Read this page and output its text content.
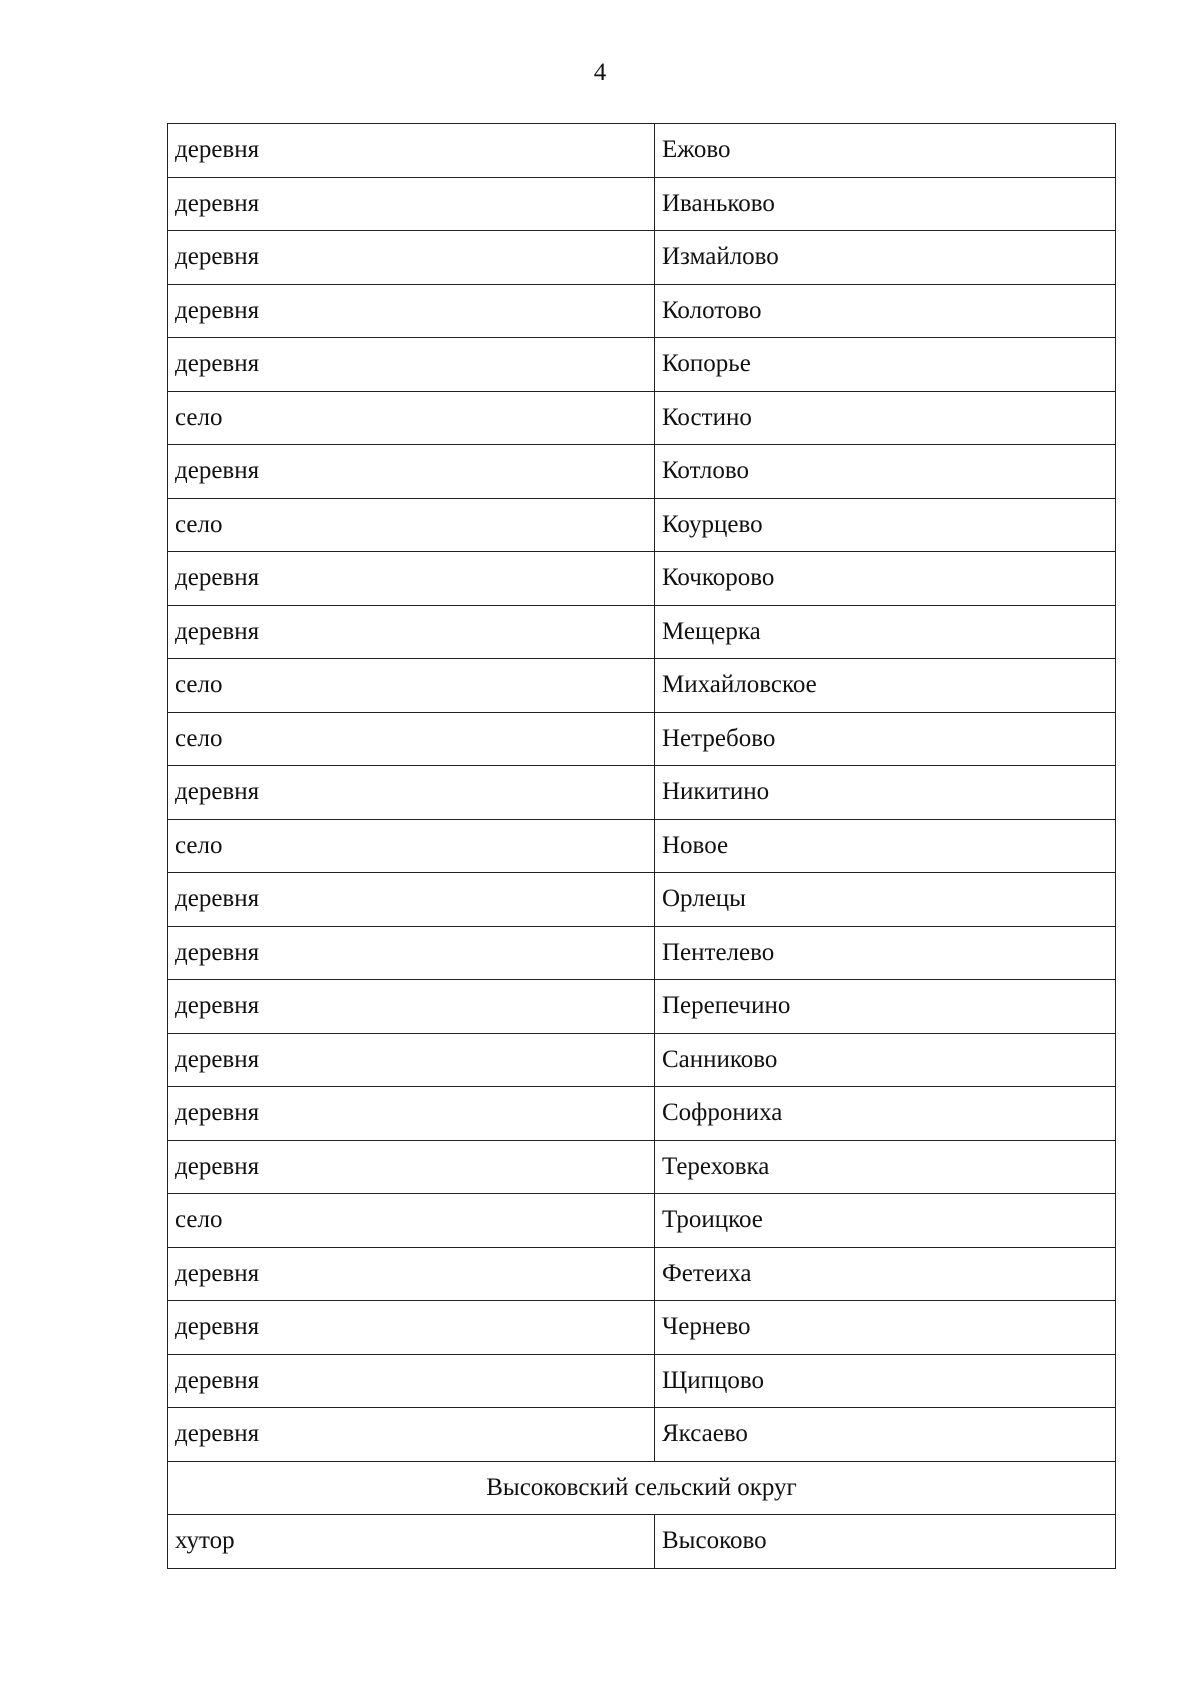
4
деревня	Ежово
деревня	Иваньково
деревня	Измайлово
деревня	Колотово
деревня	Копорье
село	Костино
деревня	Котлово
село	Коурцево
деревня	Кочкорово
деревня	Мещерка
село	Михайловское
село	Нетребово
деревня	Никитино
село	Новое
деревня	Орлецы
деревня	Пентелево
деревня	Перепечино
деревня	Санниково
деревня	Софрониха
деревня	Тереховка
село	Троицкое
деревня	Фетеиха
деревня	Чернево
деревня	Щипцово
деревня	Яксаево
Высоковский сельский округ	
хутор	Высоково
